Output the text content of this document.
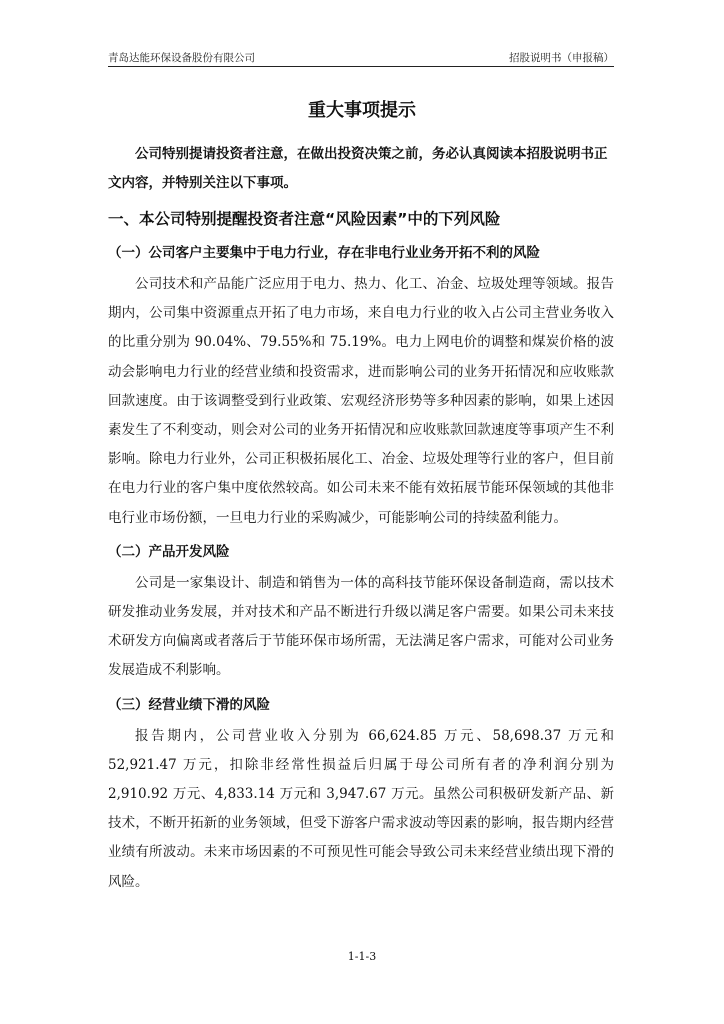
青岛达能环保设备股份有限公司	招股说明书（申报稿）
重大事项提示

公司特别提请投资者注意，在做出投资决策之前，务必认真阅读本招股说明书正文内容，并特别关注以下事项。

一、本公司特别提醒投资者注意“风险因素”中的下列风险
（一）公司客户主要集中于电力行业，存在非电行业业务开拓不利的风险

公司技术和产品能广泛应用于电力、热力、化工、冶金、垃圾处理等领域。报告期内，公司集中资源重点开拓了电力市场，来自电力行业的收入占公司主营业务收入的比重分别为 90.04%、79.55%和 75.19%。电力上网电价的调整和煤炭价格的波动会影响电力行业的经营业绩和投资需求，进而影响公司的业务开拓情况和应收账款回款速度。由于该调整受到行业政策、宏观经济形势等多种因素的影响，如果上述因素发生了不利变动，则会对公司的业务开拓情况和应收账款回款速度等事项产生不利影响。除电力行业外，公司正积极拓展化工、冶金、垃圾处理等行业的客户，但目前在电力行业的客户集中度依然较高。如公司未来不能有效拓展节能环保领域的其他非电行业市场份额，一旦电力行业的采购减少，可能影响公司的持续盈利能力。

（二）产品开发风险

公司是一家集设计、制造和销售为一体的高科技节能环保设备制造商，需以技术研发推动业务发展，并对技术和产品不断进行升级以满足客户需要。如果公司未来技术研发方向偏离或者落后于节能环保市场所需，无法满足客户需求，可能对公司业务发展造成不利影响。

（三）经营业绩下滑的风险

报告期内，公司营业收入分别为 66,624.85 万元、58,698.37 万元和 52,921.47 万元，扣除非经常性损益后归属于母公司所有者的净利润分别为 2,910.92 万元、4,833.14 万元和 3,947.67 万元。虽然公司积极研发新产品、新技术，不断开拓新的业务领域，但受下游客户需求波动等因素的影响，报告期内经营业绩有所波动。未来市场因素的不可预见性可能会导致公司未来经营业绩出现下滑的风险。

1-1-3
